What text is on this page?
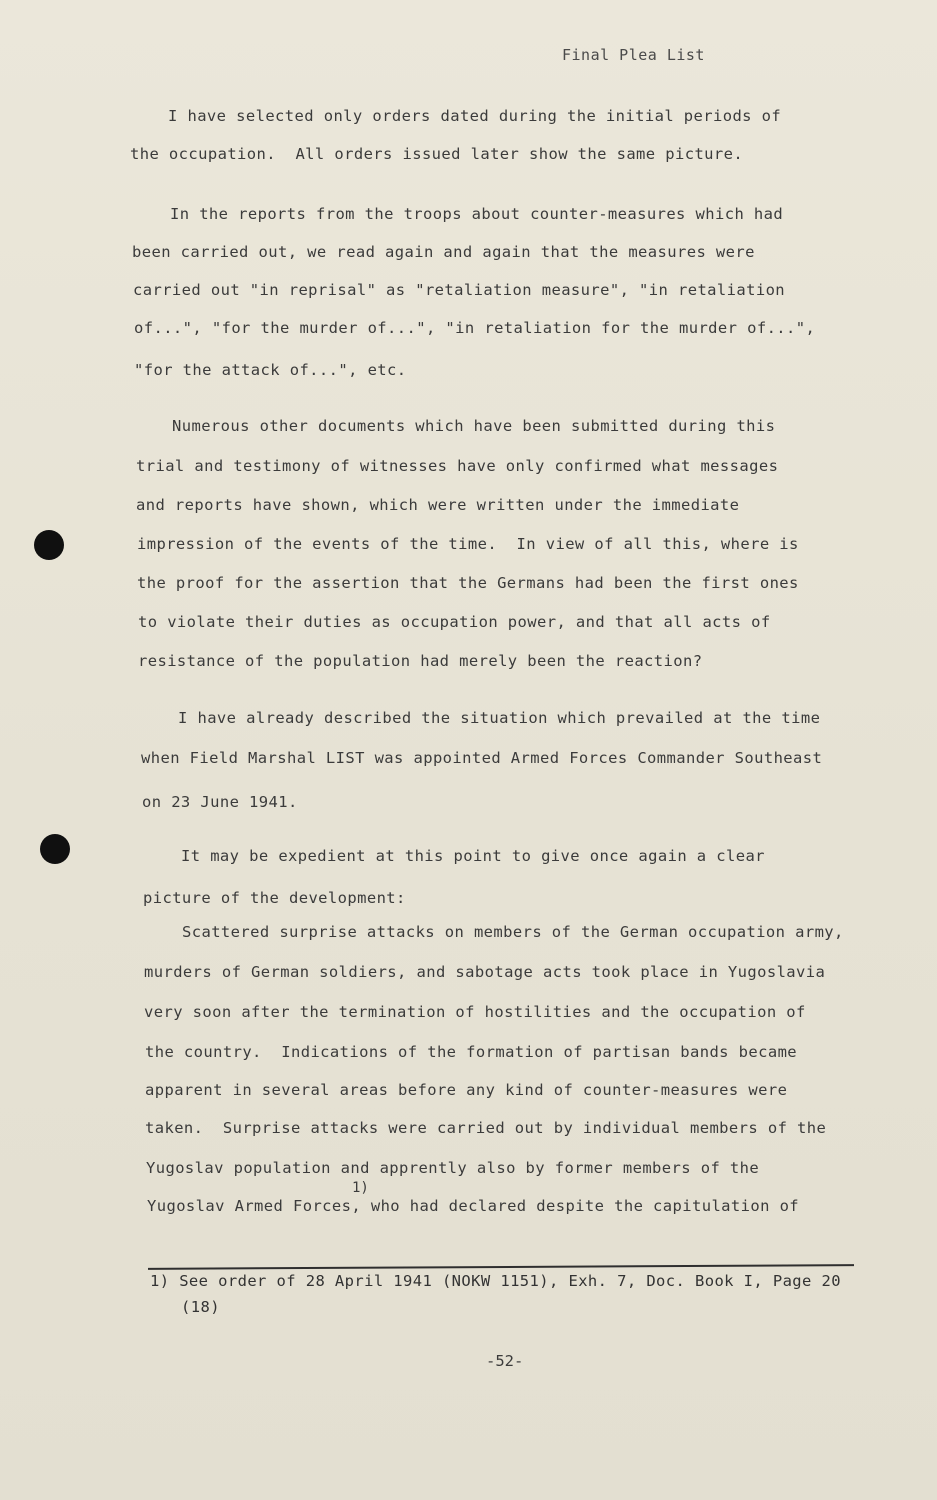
Final Plea List
I have selected only orders dated during the initial periods of
the occupation.  All orders issued later show the same picture.
In the reports from the troops about counter-measures which had
been carried out, we read again and again that the measures were
carried out "in reprisal" as "retaliation measure", "in retaliation
of...", "for the murder of...", "in retaliation for the murder of...",
"for the attack of...", etc.
Numerous other documents which have been submitted during this
trial and testimony of witnesses have only confirmed what messages
and reports have shown, which were written under the immediate
impression of the events of the time.  In view of all this, where is
the proof for the assertion that the Germans had been the first ones
to violate their duties as occupation power, and that all acts of
resistance of the population had merely been the reaction?
I have already described the situation which prevailed at the time
when Field Marshal LIST was appointed Armed Forces Commander Southeast
on 23 June 1941.
It may be expedient at this point to give once again a clear
picture of the development:
Scattered surprise attacks on members of the German occupation army,
murders of German soldiers, and sabotage acts took place in Yugoslavia
very soon after the termination of hostilities and the occupation of
the country.  Indications of the formation of partisan bands became
apparent in several areas before any kind of counter-measures were
taken.  Surprise attacks were carried out by individual members of the
Yugoslav population and apprently also by former members of the
1)
Yugoslav Armed Forces, who had declared despite the capitulation of
1) See order of 28 April 1941 (NOKW 1151), Exh. 7, Doc. Book I, Page 20
(18)
-52-
